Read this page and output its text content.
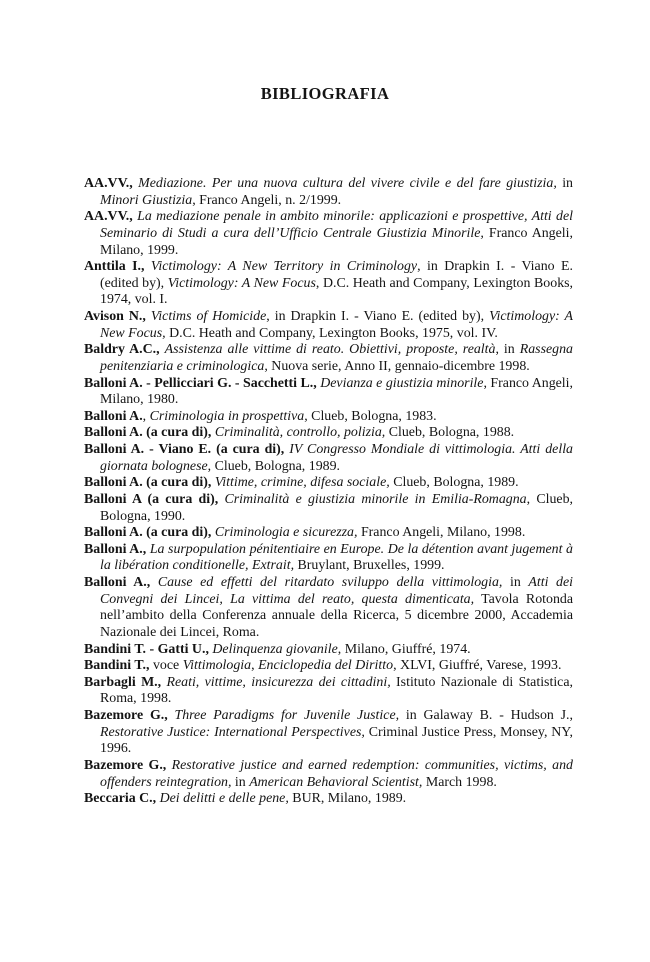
BIBLIOGRAFIA

AA.VV., Mediazione. Per una nuova cultura del vivere civile e del fare giustizia, in Minori Giustizia, Franco Angeli, n. 2/1999.

AA.VV., La mediazione penale in ambito minorile: applicazioni e prospettive, Atti del Seminario di Studi a cura dell’Ufficio Centrale Giustizia Minorile, Franco Angeli, Milano, 1999.

Anttila I., Victimology: A New Territory in Criminology, in Drapkin I. - Viano E. (edited by), Victimology: A New Focus, D.C. Heath and Company, Lexington Books, 1974, vol. I.

Avison N., Victims of Homicide, in Drapkin I. - Viano E. (edited by), Victimology: A New Focus, D.C. Heath and Company, Lexington Books, 1975, vol. IV.

Baldry A.C., Assistenza alle vittime di reato. Obiettivi, proposte, realtà, in Rassegna penitenziaria e criminologica, Nuova serie, Anno II, gennaio-dicembre 1998.

Balloni A. - Pellicciari G. - Sacchetti L., Devianza e giustizia minorile, Franco Angeli, Milano, 1980.

Balloni A., Criminologia in prospettiva, Clueb, Bologna, 1983.

Balloni A. (a cura di), Criminalità, controllo, polizia, Clueb, Bologna, 1988.

Balloni A. - Viano E. (a cura di), IV Congresso Mondiale di vittimologia. Atti della giornata bolognese, Clueb, Bologna, 1989.

Balloni A. (a cura di), Vittime, crimine, difesa sociale, Clueb, Bologna, 1989.

Balloni A (a cura di), Criminalità e giustizia minorile in Emilia-Romagna, Clueb, Bologna, 1990.

Balloni A. (a cura di), Criminologia e sicurezza, Franco Angeli, Milano, 1998.

Balloni A., La surpopulation pénitentiaire en Europe. De la détention avant jugement à la libération conditionelle, Extrait, Bruylant, Bruxelles, 1999.

Balloni A., Cause ed effetti del ritardato sviluppo della vittimologia, in Atti dei Convegni dei Lincei, La vittima del reato, questa dimenticata, Tavola Rotonda nell’ambito della Conferenza annuale della Ricerca, 5 dicembre 2000, Accademia Nazionale dei Lincei, Roma.

Bandini T. - Gatti U., Delinquenza giovanile, Milano, Giuffré, 1974.

Bandini T., voce Vittimologia, Enciclopedia del Diritto, XLVI, Giuffré, Varese, 1993.

Barbagli M., Reati, vittime, insicurezza dei cittadini, Istituto Nazionale di Statistica, Roma, 1998.

Bazemore G., Three Paradigms for Juvenile Justice, in Galaway B. - Hudson J., Restorative Justice: International Perspectives, Criminal Justice Press, Monsey, NY, 1996.

Bazemore G., Restorative justice and earned redemption: communities, victims, and offenders reintegration, in American Behavioral Scientist, March 1998.

Beccaria C., Dei delitti e delle pene, BUR, Milano, 1989.
